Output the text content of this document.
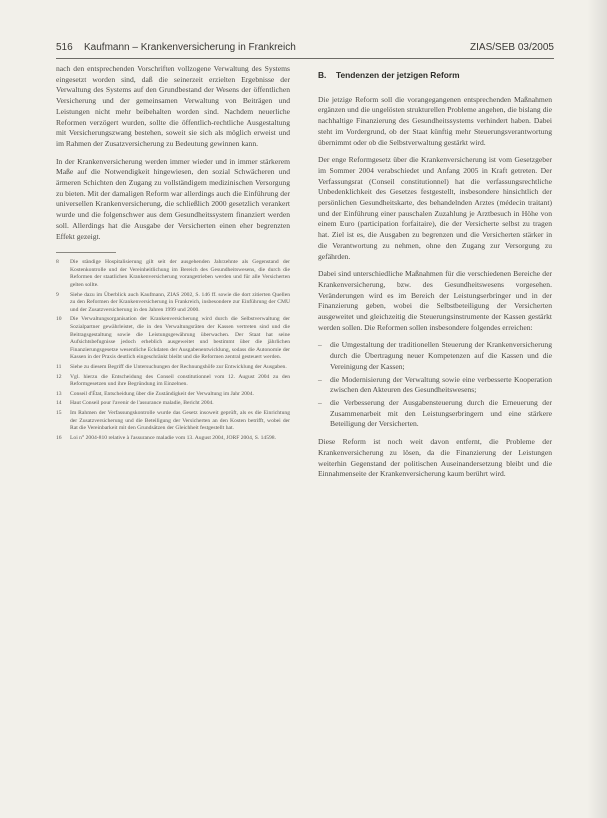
516 Kaufmann – Krankenversicherung in Frankreich	ZIAS/SEB 03/2005

nach den entsprechenden Vorschriften vollzogene Verwaltung des Systems eingesetzt worden sind, daß die seinerzeit erzielten Ergebnisse der Verwaltung des Systems auf den Grundbestand der Wesens der öffentlichen Versicherung und der gemeinsamen Verwaltung von Beiträgen und Leistungen nicht mehr beibehalten worden sind. Nachdem neuerliche Reformen verzögert wurden, sollte die öffentlich-rechtliche Ausgestaltung mit Versicherungszwang bestehen, soweit sie sich als möglich erweist und im Rahmen der Zusatzversicherung zu Bedeutung gewinnen kann.

In der Krankenversicherung werden immer wieder und in immer stärkerem Maße auf die Notwendigkeit hingewiesen, den sozial Schwächeren und ärmeren Schichten den Zugang zu vollständigem medizinischen Versorgung zu bieten. Mit der damaligen Reform war allerdings auch die Einführung der universellen Krankenversicherung, die schließlich 2000 gesetzlich verankert wurde und die folgenschwer aus dem Gesundheitssystem finanziert werden soll. Allerdings hat die Ausgabe der Versicherten einen eher begrenzten Effekt gezeigt.

8	Die ständige Hospitalisierung gilt seit der ausgehenden Jahrzehnte als Gegenstand der Kostenkontrolle und der Vereinheitlichung im Bereich des Gesundheitswesens, die durch die Reformen der staatlichen Krankenversicherung vorangetrieben werden und für alle Versicherten gelten sollte.
9	Siehe dazu im Überblick auch Kaufmann, ZIAS 2002, S. 146 ff. sowie die dort zitierten Quellen zu den Reformen der Krankenversicherung in Frankreich, insbesondere zur Einführung der CMU und der Zusatzversicherung in den Jahren 1999 und 2000.
10	Die Verwaltungsorganisation der Krankenversicherung wird durch die Selbstverwaltung der Sozialpartner gewährleistet, die in den Verwaltungsräten der Kassen vertreten sind und die Beitragsgestaltung sowie die Leistungsgewährung überwachen. Der Staat hat seine Aufsichtsbefugnisse jedoch erheblich ausgeweitet und bestimmt über die jährlichen Finanzierungsgesetze wesentliche Eckdaten der Ausgabenentwicklung, sodass die Autonomie der Kassen in der Praxis deutlich eingeschränkt bleibt und die Reformen zentral gesteuert werden.
11	Siehe zu diesem Begriff die Untersuchungen der Rechnungshöfe zur Entwicklung der Ausgaben.
12	Vgl. hierzu die Entscheidung des Conseil constitutionnel vom 12. August 2004 zu den Reformgesetzen und ihre Begründung im Einzelnen.
13	Conseil d'État, Entscheidung über die Zuständigkeit der Verwaltung im Jahr 2004.
14	Haut Conseil pour l'avenir de l'assurance maladie, Bericht 2004.
15	Im Rahmen der Verfassungskontrolle wurde das Gesetz insoweit geprüft, als es die Einrichtung der Zusatzversicherung und die Beteiligung der Versicherten an den Kosten betrifft, wobei der Rat die Vereinbarkeit mit den Grundsätzen der Gleichheit festgestellt hat.
16	Loi n° 2004-810 relative à l'assurance maladie vom 13. August 2004, JORF 2004, S. 14598.
B. Tendenzen der jetzigen Reform

Die jetzige Reform soll die vorangegangenen entsprechenden Maßnahmen ergänzen und die ungelösten strukturellen Probleme angehen, die bislang die nachhaltige Finanzierung des Gesundheitssystems verhindert haben. Dabei steht im Vordergrund, ob der Staat künftig mehr Steuerungsverantwortung übernimmt oder ob die Selbstverwaltung gestärkt wird.

Der enge Reformgesetz über die Krankenversicherung ist vom Gesetzgeber im Sommer 2004 verabschiedet und Anfang 2005 in Kraft getreten. Der Verfassungsrat (Conseil constitutionnel) hat die verfassungsrechtliche Unbedenklichkeit des Gesetzes festgestellt, insbesondere hinsichtlich der persönlichen Gesundheitskarte, des behandelnden Arztes (médecin traitant) und der Einführung einer pauschalen Zuzahlung je Arztbesuch in Höhe von einem Euro (participation forfaitaire), die der Versicherte selbst zu tragen hat. Ziel ist es, die Ausgaben zu begrenzen und die Versicherten stärker in die Verantwortung zu nehmen, ohne den Zugang zur Versorgung zu gefährden.

Dabei sind unterschiedliche Maßnahmen für die verschiedenen Bereiche der Krankenversicherung, bzw. des Gesundheitswesens vorgesehen. Veränderungen wird es im Bereich der Leistungserbringer und in der Finanzierung geben, wobei die Selbstbeteiligung der Versicherten ausgeweitet und gleichzeitig die Steuerungsinstrumente der Kassen gestärkt werden sollen. Die Reformen sollen insbesondere folgendes erreichen:

–	die Umgestaltung der traditionellen Steuerung der Krankenversicherung durch die Übertragung neuer Kompetenzen auf die Kassen und die Vereinigung der Kassen;
–	die Modernisierung der Verwaltung sowie eine verbesserte Kooperation zwischen den Akteuren des Gesundheitswesens;
–	die Verbesserung der Ausgabensteuerung durch die Erneuerung der Zusammenarbeit mit den Leistungserbringern und eine stärkere Beteiligung der Versicherten.

Diese Reform ist noch weit davon entfernt, die Probleme der Krankenversicherung zu lösen, da die Finanzierung der Leistungen weiterhin Gegenstand der politischen Auseinandersetzung bleibt und die Einnahmenseite der Krankenversicherung kaum berührt wird.
